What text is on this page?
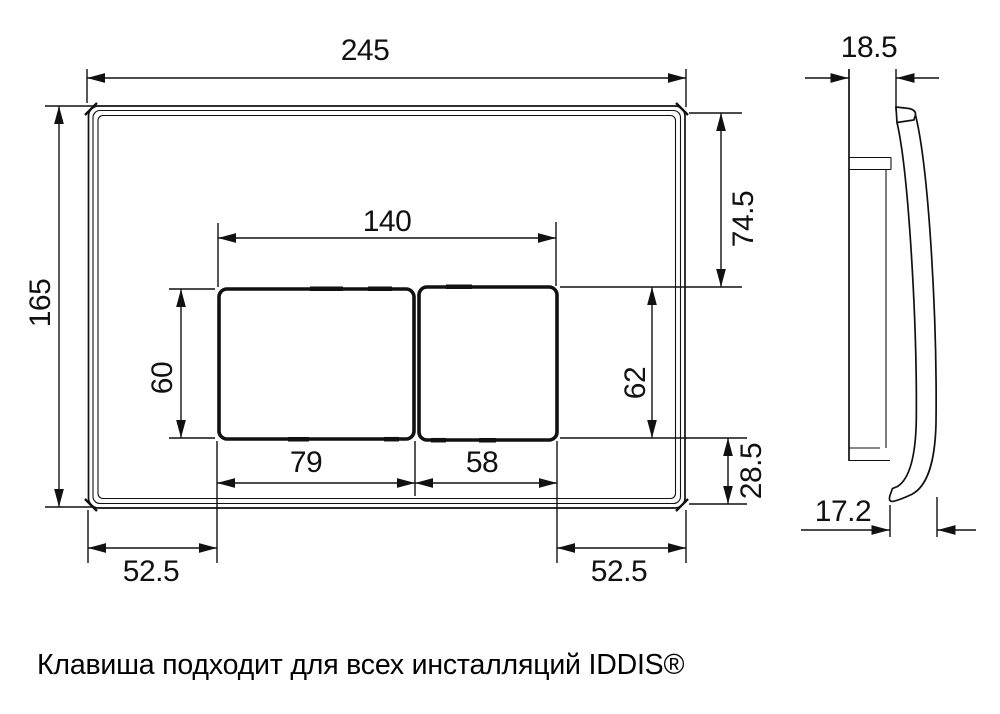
245
165
140	74.5
60	62
28.5
79	58
52.5	52.5
18.5
17.2
Клавиша подходит для всех инсталляций IDDIS®
